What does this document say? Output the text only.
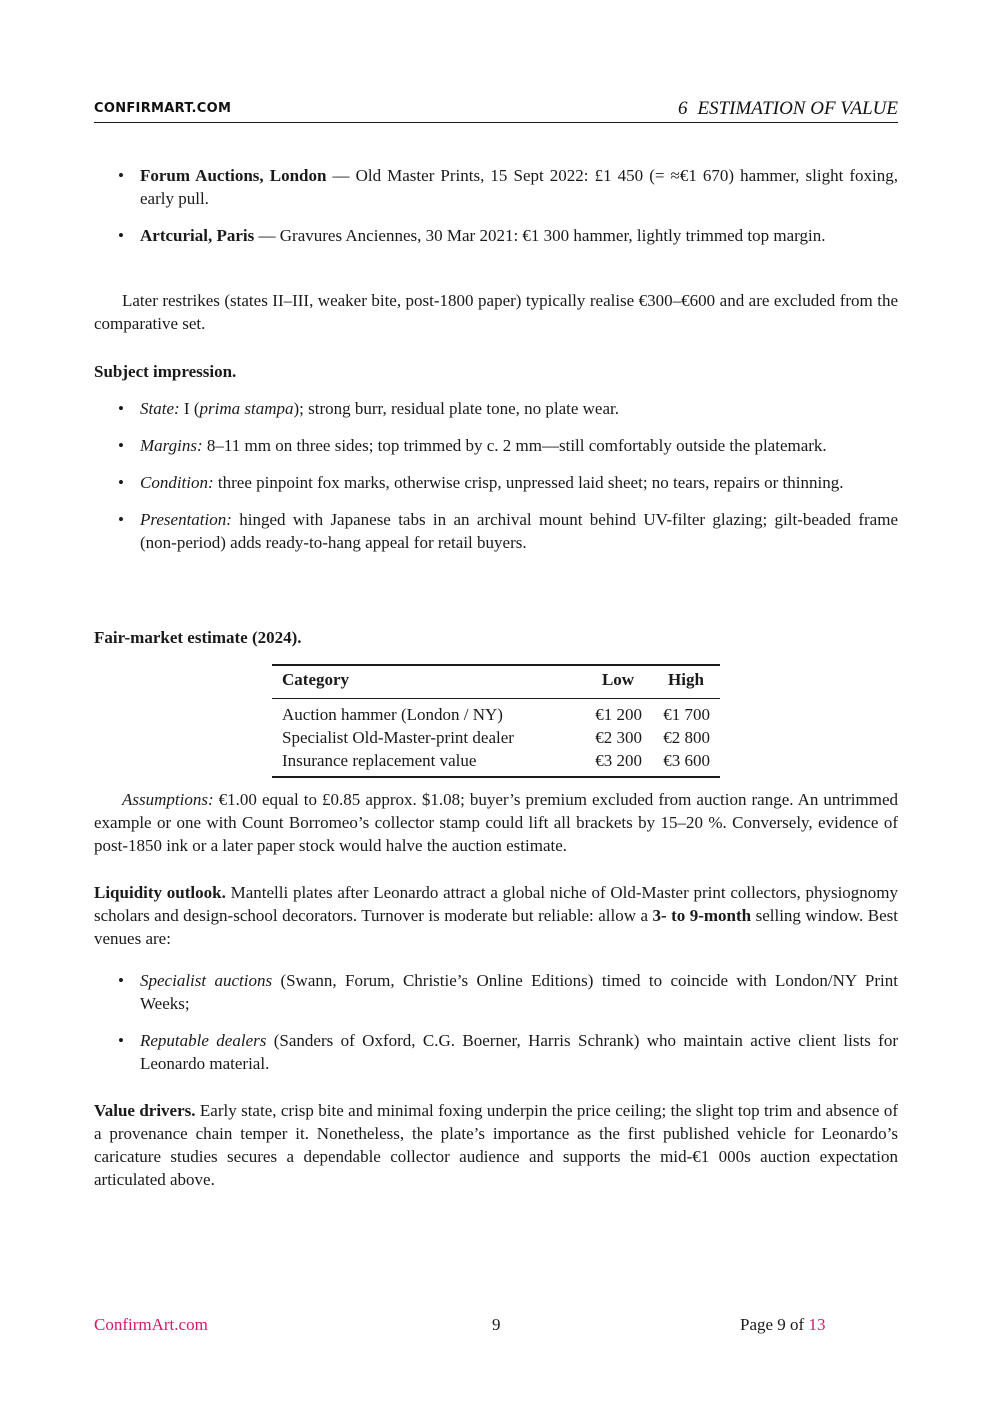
CONFIRMART.COM	6 ESTIMATION OF VALUE
• Forum Auctions, London — Old Master Prints, 15 Sept 2022: £1 450 (= ≈€1 670) hammer, slight foxing, early pull.
• Artcurial, Paris — Gravures Anciennes, 30 Mar 2021: €1 300 hammer, lightly trimmed top margin.

Later restrikes (states II–III, weaker bite, post-1800 paper) typically realise €300–€600 and are excluded from the comparative set.

Subject impression.

• State: I (prima stampa); strong burr, residual plate tone, no plate wear.
• Margins: 8–11 mm on three sides; top trimmed by c. 2 mm—still comfortably outside the platemark.
• Condition: three pinpoint fox marks, otherwise crisp, unpressed laid sheet; no tears, repairs or thinning.
• Presentation: hinged with Japanese tabs in an archival mount behind UV-filter glazing; gilt-beaded frame (non-period) adds ready-to-hang appeal for retail buyers.

Fair-market estimate (2024).

Category	Low	High
Auction hammer (London / NY)	€1 200	€1 700
Specialist Old-Master-print dealer	€2 300	€2 800
Insurance replacement value	€3 200	€3 600

Assumptions: €1.00 equal to £0.85 approx. $1.08; buyer’s premium excluded from auction range. An untrimmed example or one with Count Borromeo’s collector stamp could lift all brackets by 15–20 %. Conversely, evidence of post-1850 ink or a later paper stock would halve the auction estimate.

Liquidity outlook. Mantelli plates after Leonardo attract a global niche of Old-Master print collectors, physiognomy scholars and design-school decorators. Turnover is moderate but reliable: allow a 3- to 9-month selling window. Best venues are:

• Specialist auctions (Swann, Forum, Christie’s Online Editions) timed to coincide with London/NY Print Weeks;
• Reputable dealers (Sanders of Oxford, C.G. Boerner, Harris Schrank) who maintain active client lists for Leonardo material.

Value drivers. Early state, crisp bite and minimal foxing underpin the price ceiling; the slight top trim and absence of a provenance chain temper it. Nonetheless, the plate’s importance as the first published vehicle for Leonardo’s caricature studies secures a dependable collector audience and supports the mid-€1 000s auction expectation articulated above.

ConfirmArt.com	9	Page 9 of 13
